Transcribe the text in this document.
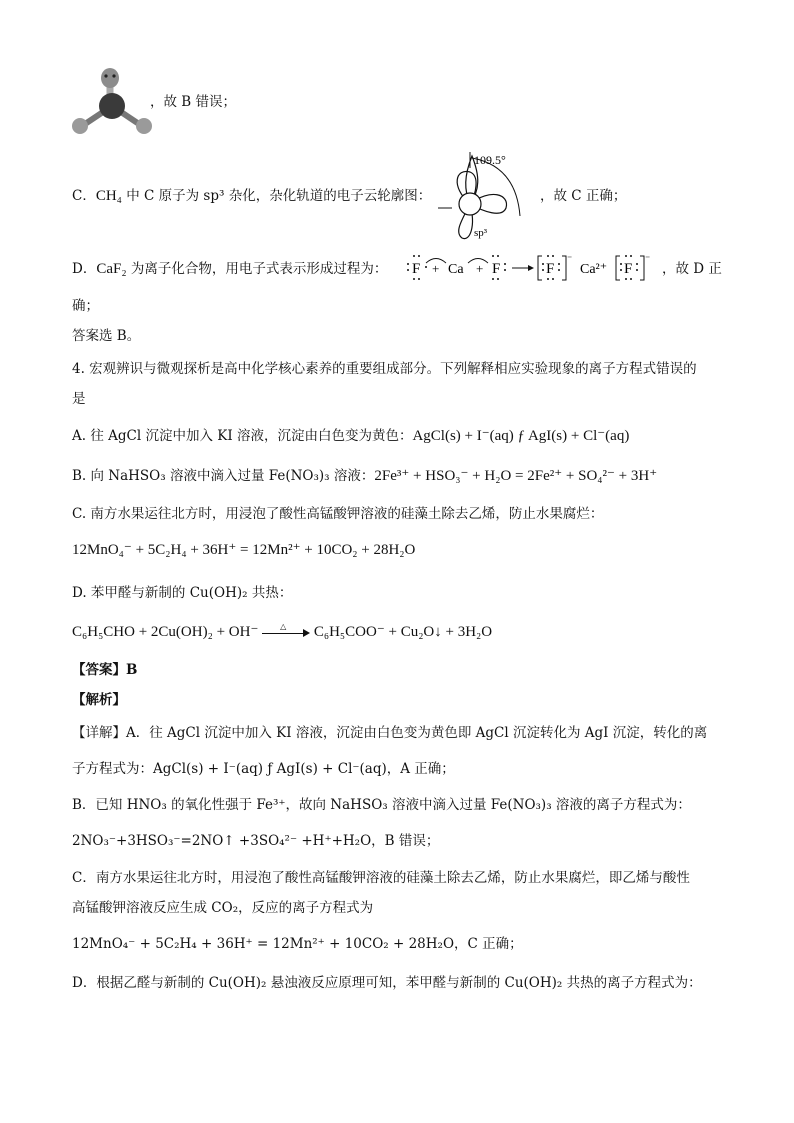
，故 B 错误；
C．CH₄ 中 C 原子为 sp³ 杂化，杂化轨道的电子云轮廓图：
109.5°
sp³
，故 C 正确；
D．CaF₂ 为离子化合物，用电子式表示形成过程为： F + Ca + F	F
⁻
Ca²⁺ F
⁻
，故 D 正
确；
答案选 B。
4. 宏观辨识与微观探析是高中化学核心素养的重要组成部分。下列解释相应实验现象的离子方程式错误的
是
A. 往 AgCl 沉淀中加入 KI 溶液，沉淀由白色变为黄色：AgCl(s) + I⁻(aq) ƒ AgI(s) + Cl⁻(aq)
B. 向 NaHSO₃ 溶液中滴入过量 Fe(NO₃)₃ 溶液：2Fe³⁺ + HSO₃⁻ + H₂O = 2Fe²⁺ + SO₄²⁻ + 3H⁺
C. 南方水果运往北方时，用浸泡了酸性高锰酸钾溶液的硅藻土除去乙烯，防止水果腐烂：
12MnO₄⁻ + 5C₂H₄ + 36H⁺ = 12Mn²⁺ + 10CO₂ + 28H₂O
D. 苯甲醛与新制的 Cu(OH)₂ 共热：
C₆H₅CHO + 2Cu(OH)₂ + OH⁻	△ C₆H₅COO⁻ + Cu₂O↓ + 3H₂O
【答案】B
【解析】
【详解】A．往 AgCl 沉淀中加入 KI 溶液，沉淀由白色变为黄色即 AgCl 沉淀转化为 AgI 沉淀，转化的离
子方程式为：AgCl(s) + I⁻(aq) ƒ AgI(s) + Cl⁻(aq)，A 正确；
B．已知 HNO₃ 的氧化性强于 Fe³⁺，故向 NaHSO₃ 溶液中滴入过量 Fe(NO₃)₃ 溶液的离子方程式为：
2NO₃⁻+3HSO₃⁻=2NO↑ +3SO₄²⁻ +H⁺+H₂O，B 错误；
C．南方水果运往北方时，用浸泡了酸性高锰酸钾溶液的硅藻土除去乙烯，防止水果腐烂，即乙烯与酸性
高锰酸钾溶液反应生成 CO₂，反应的离子方程式为
12MnO₄⁻ + 5C₂H₄ + 36H⁺ = 12Mn²⁺ + 10CO₂ + 28H₂O，C 正确；
D．根据乙醛与新制的 Cu(OH)₂ 悬浊液反应原理可知，苯甲醛与新制的 Cu(OH)₂ 共热的离子方程式为：
